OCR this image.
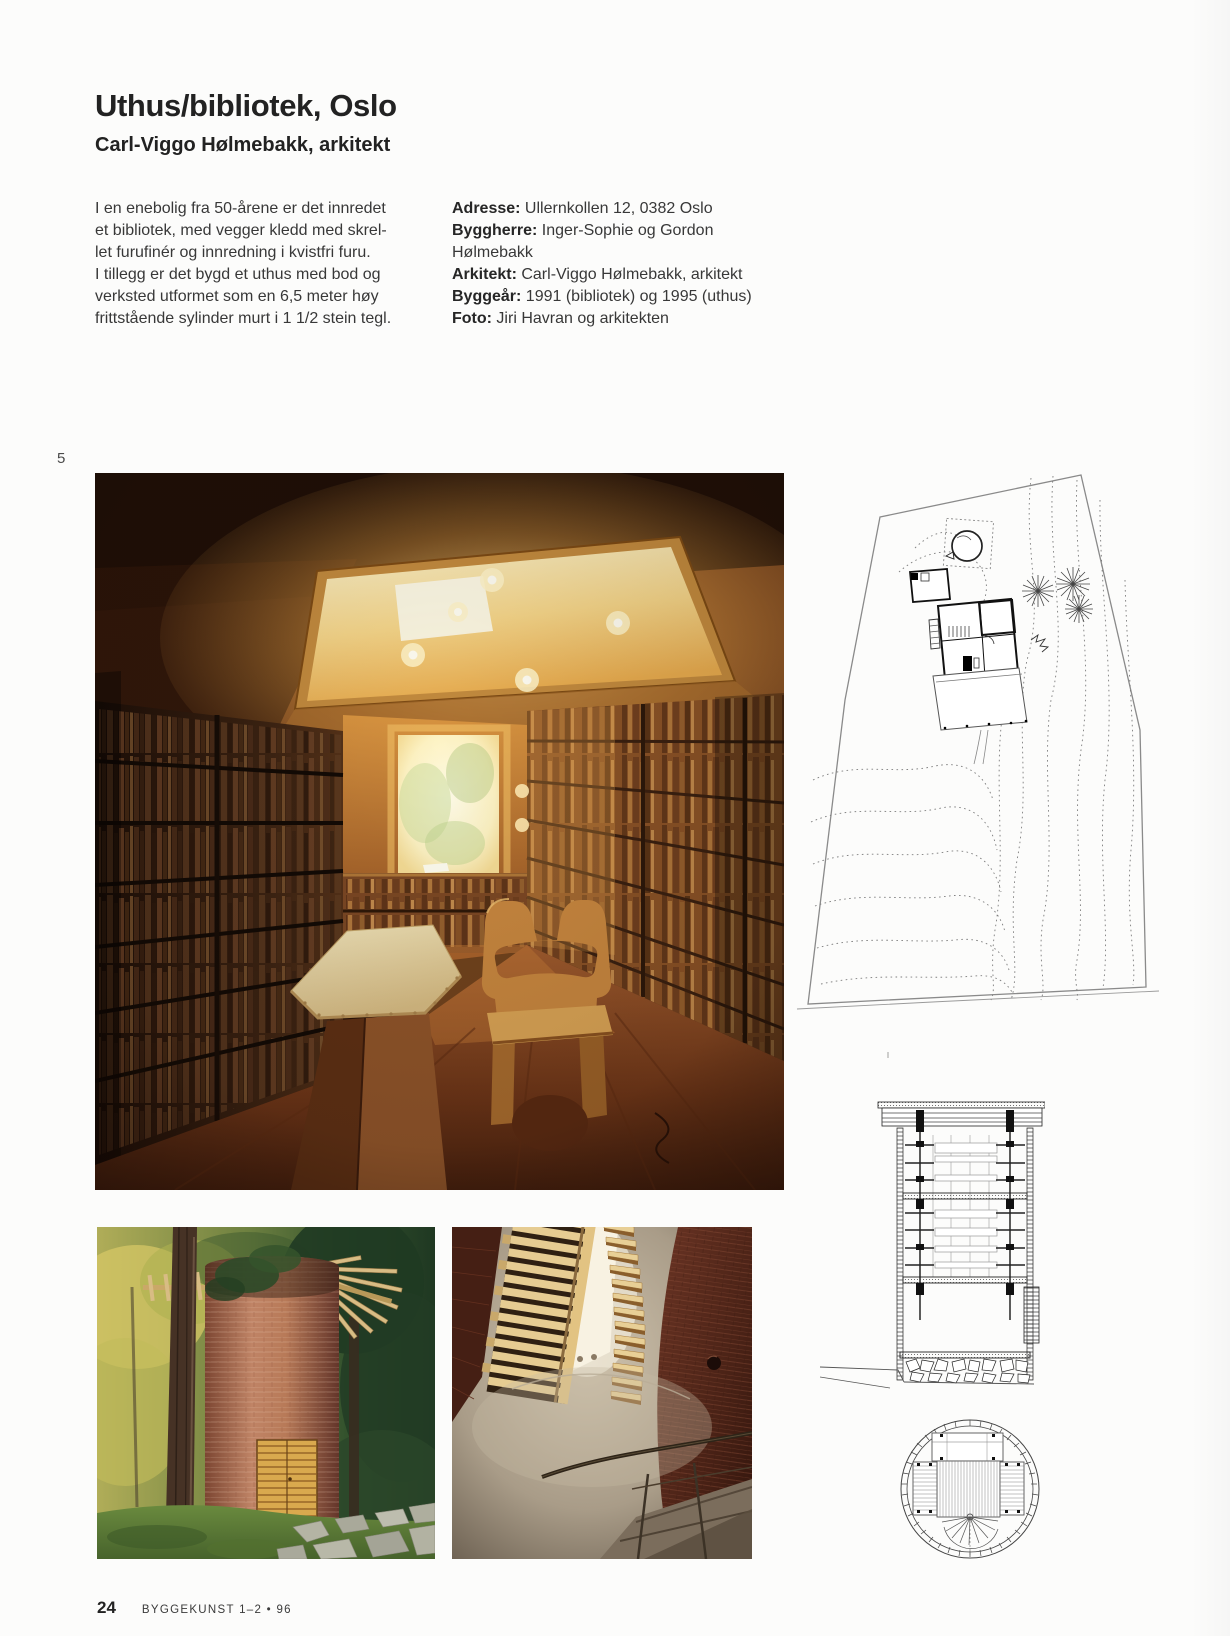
Uthus/bibliotek, Oslo
Carl-Viggo Hølmebakk, arkitekt
I en enebolig fra 50-årene er det innredet
et bibliotek, med vegger kledd med skrel-
let furufinér og innredning i kvistfri furu.
I tillegg er det bygd et uthus med bod og
verksted utformet som en 6,5 meter høy
frittstående sylinder murt i 1 1/2 stein tegl.
Adresse: Ullernkollen 12, 0382 Oslo
Byggherre: Inger-Sophie og Gordon Hølmebakk
Arkitekt: Carl-Viggo Hølmebakk, arkitekt
Byggeår: 1991 (bibliotek) og 1995 (uthus)
Foto: Jiri Havran og arkitekten
5
24 BYGGEKUNST 1–2 • 96
